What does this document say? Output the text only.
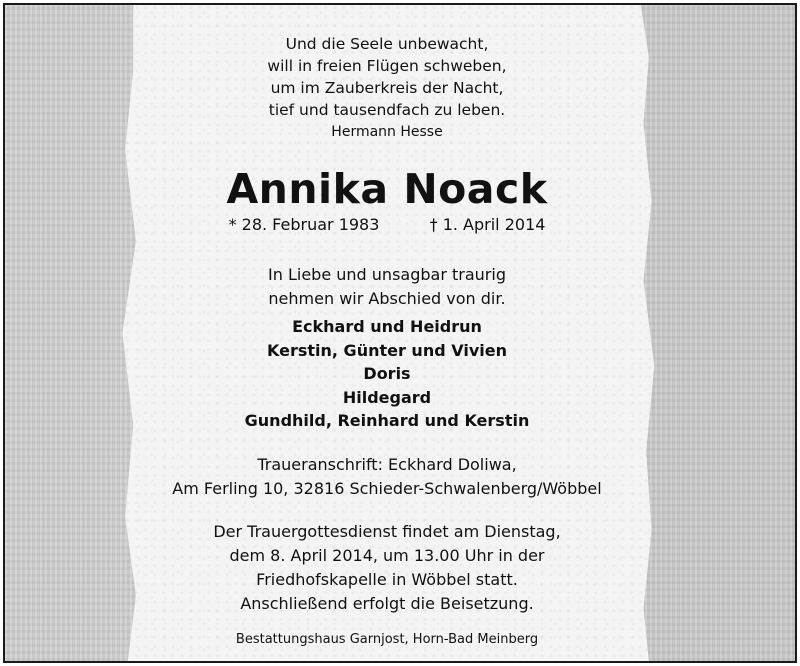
Und die Seele unbewacht,
will in freien Flügen schweben,
um im Zauberkreis der Nacht,
tief und tausendfach zu leben.
Hermann Hesse
Annika Noack
* 28. Februar 1983	† 1. April 2014
In Liebe und unsagbar traurig
nehmen wir Abschied von dir.
Eckhard und Heidrun
Kerstin, Günter und Vivien
Doris
Hildegard
Gundhild, Reinhard und Kerstin
Traueranschrift: Eckhard Doliwa,
Am Ferling 10, 32816 Schieder-Schwalenberg/Wöbbel
Der Trauergottesdienst findet am Dienstag,
dem 8. April 2014, um 13.00 Uhr in der
Friedhofskapelle in Wöbbel statt.
Anschließend erfolgt die Beisetzung.
Bestattungshaus Garnjost, Horn-Bad Meinberg
